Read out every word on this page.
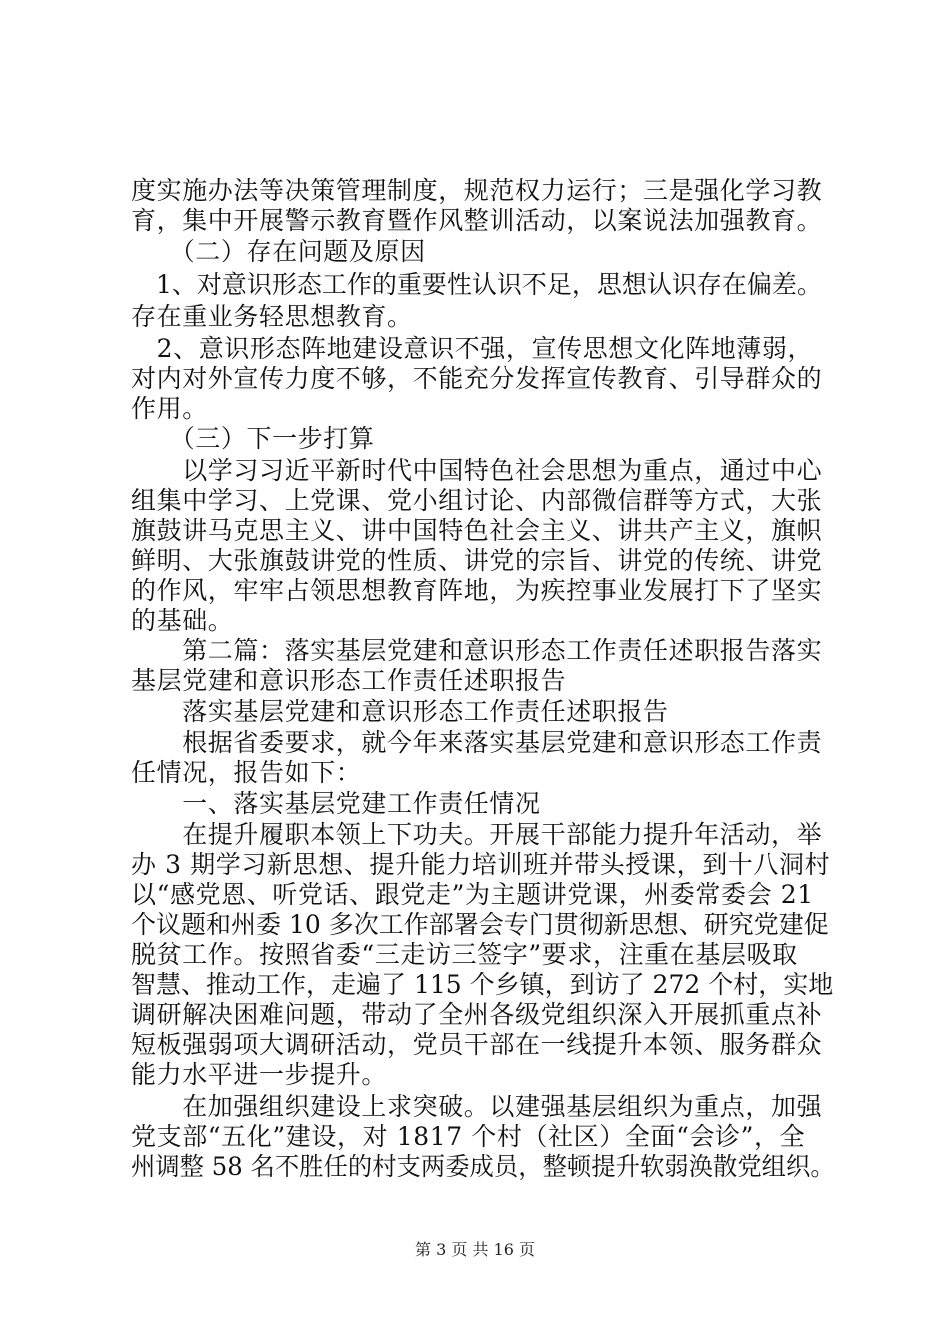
度实施办法等决策管理制度，规范权力运行；三是强化学习教
育，集中开展警示教育暨作风整训活动，以案说法加强教育。
　　（二）存在问题及原因
　1、对意识形态工作的重要性认识不足，思想认识存在偏差。
存在重业务轻思想教育。
　2、意识形态阵地建设意识不强，宣传思想文化阵地薄弱，
对内对外宣传力度不够，不能充分发挥宣传教育、引导群众的
作用。
　　（三）下一步打算
　　以学习习近平新时代中国特色社会思想为重点，通过中心
组集中学习、上党课、党小组讨论、内部微信群等方式，大张
旗鼓讲马克思主义、讲中国特色社会主义、讲共产主义，旗帜
鲜明、大张旗鼓讲党的性质、讲党的宗旨、讲党的传统、讲党
的作风，牢牢占领思想教育阵地，为疾控事业发展打下了坚实
的基础。
　　第二篇：落实基层党建和意识形态工作责任述职报告落实
基层党建和意识形态工作责任述职报告
　　落实基层党建和意识形态工作责任述职报告
　　根据省委要求，就今年来落实基层党建和意识形态工作责
任情况，报告如下：
　　一、落实基层党建工作责任情况
　　在提升履职本领上下功夫。开展干部能力提升年活动，举
办 3 期学习新思想、提升能力培训班并带头授课，到十八洞村
以“感党恩、听党话、跟党走”为主题讲党课，州委常委会 21
个议题和州委 10 多次工作部署会专门贯彻新思想、研究党建促
脱贫工作。按照省委“三走访三签字”要求，注重在基层吸取
智慧、推动工作，走遍了 115 个乡镇，到访了 272 个村，实地
调研解决困难问题，带动了全州各级党组织深入开展抓重点补
短板强弱项大调研活动，党员干部在一线提升本领、服务群众
能力水平进一步提升。
　　在加强组织建设上求突破。以建强基层组织为重点，加强
党支部“五化”建设，对 1817 个村（社区）全面“会诊”，全
州调整 58 名不胜任的村支两委成员，整顿提升软弱涣散党组织。
第 3 页 共 16 页
